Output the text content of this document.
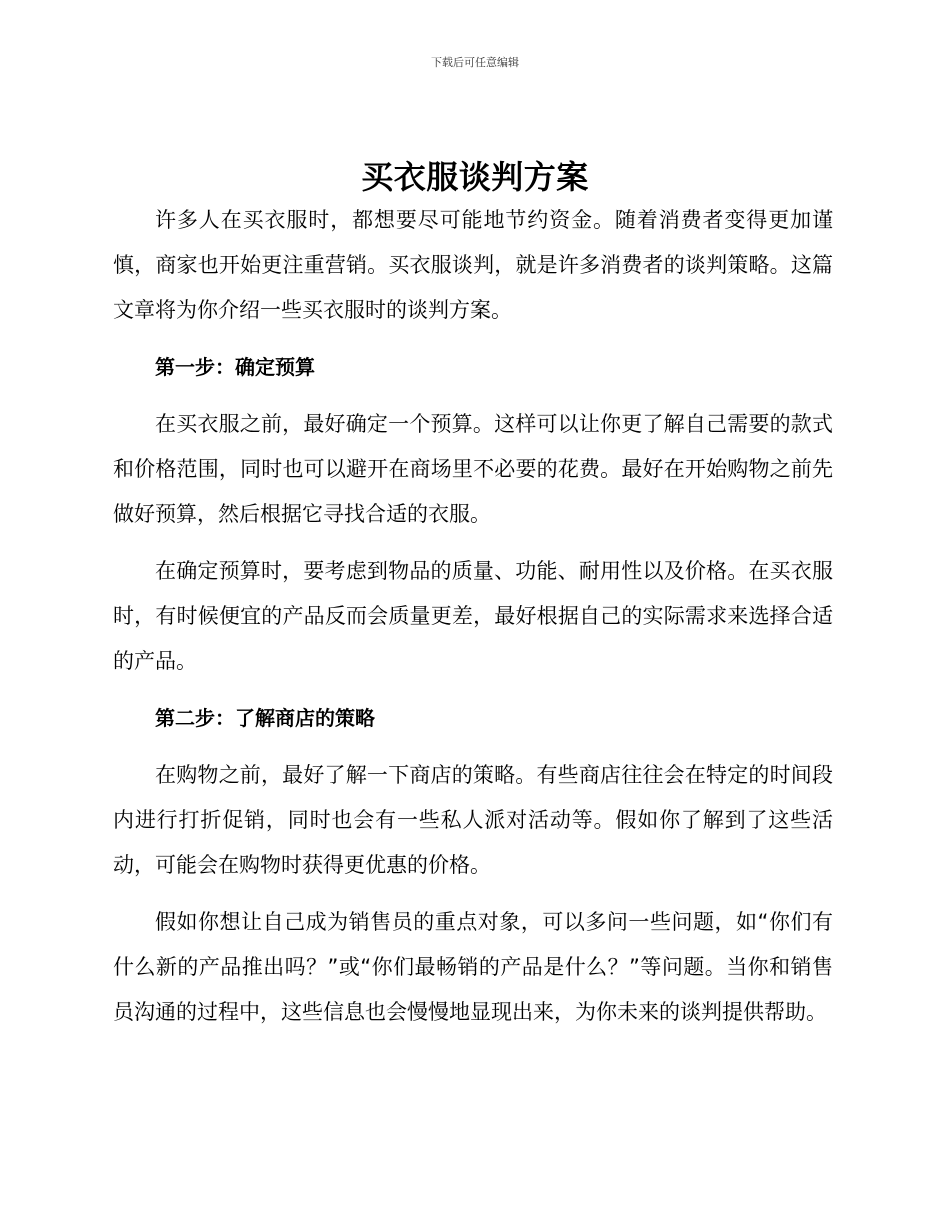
下载后可任意编辑
买衣服谈判方案

许多人在买衣服时，都想要尽可能地节约资金。随着消费者变得更加谨慎，商家也开始更注重营销。买衣服谈判，就是许多消费者的谈判策略。这篇文章将为你介绍一些买衣服时的谈判方案。

第一步：确定预算

在买衣服之前，最好确定一个预算。这样可以让你更了解自己需要的款式和价格范围，同时也可以避开在商场里不必要的花费。最好在开始购物之前先做好预算，然后根据它寻找合适的衣服。

在确定预算时，要考虑到物品的质量、功能、耐用性以及价格。在买衣服时，有时候便宜的产品反而会质量更差，最好根据自己的实际需求来选择合适的产品。

第二步：了解商店的策略

在购物之前，最好了解一下商店的策略。有些商店往往会在特定的时间段内进行打折促销，同时也会有一些私人派对活动等。假如你了解到了这些活动，可能会在购物时获得更优惠的价格。

假如你想让自己成为销售员的重点对象，可以多问一些问题，如“你们有什么新的产品推出吗？”或“你们最畅销的产品是什么？”等问题。当你和销售员沟通的过程中，这些信息也会慢慢地显现出来，为你未来的谈判提供帮助。
